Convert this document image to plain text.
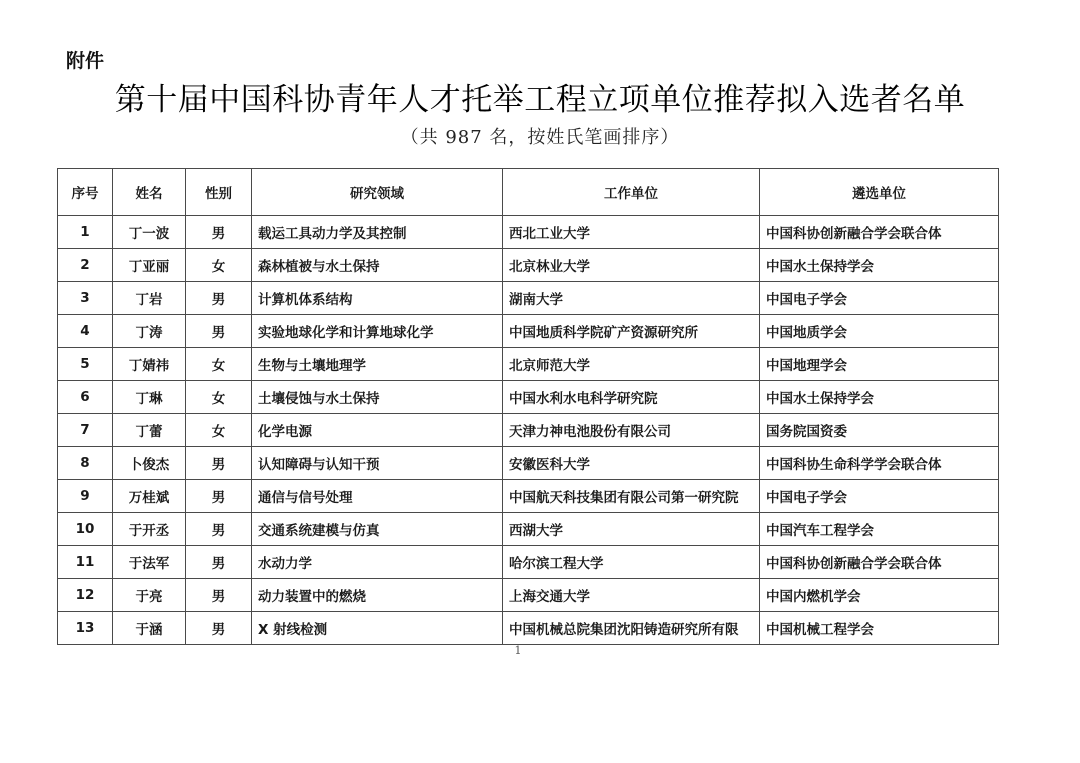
附件
第十届中国科协青年人才托举工程立项单位推荐拟入选者名单
（共 987 名，按姓氏笔画排序）
序号	姓名	性别	研究领域	工作单位	遴选单位
1	丁一波	男	载运工具动力学及其控制	西北工业大学	中国科协创新融合学会联合体
2	丁亚丽	女	森林植被与水土保持	北京林业大学	中国水土保持学会
3	丁岩	男	计算机体系结构	湖南大学	中国电子学会
4	丁涛	男	实验地球化学和计算地球化学	中国地质科学院矿产资源研究所	中国地质学会
5	丁婧祎	女	生物与土壤地理学	北京师范大学	中国地理学会
6	丁琳	女	土壤侵蚀与水土保持	中国水利水电科学研究院	中国水土保持学会
7	丁蕾	女	化学电源	天津力神电池股份有限公司	国务院国资委
8	卜俊杰	男	认知障碍与认知干预	安徽医科大学	中国科协生命科学学会联合体
9	万桂斌	男	通信与信号处理	中国航天科技集团有限公司第一研究院	中国电子学会
10	于开丞	男	交通系统建模与仿真	西湖大学	中国汽车工程学会
11	于法军	男	水动力学	哈尔滨工程大学	中国科协创新融合学会联合体
12	于亮	男	动力装置中的燃烧	上海交通大学	中国内燃机学会
13	于涵	男	X 射线检测	中国机械总院集团沈阳铸造研究所有限	中国机械工程学会
1
